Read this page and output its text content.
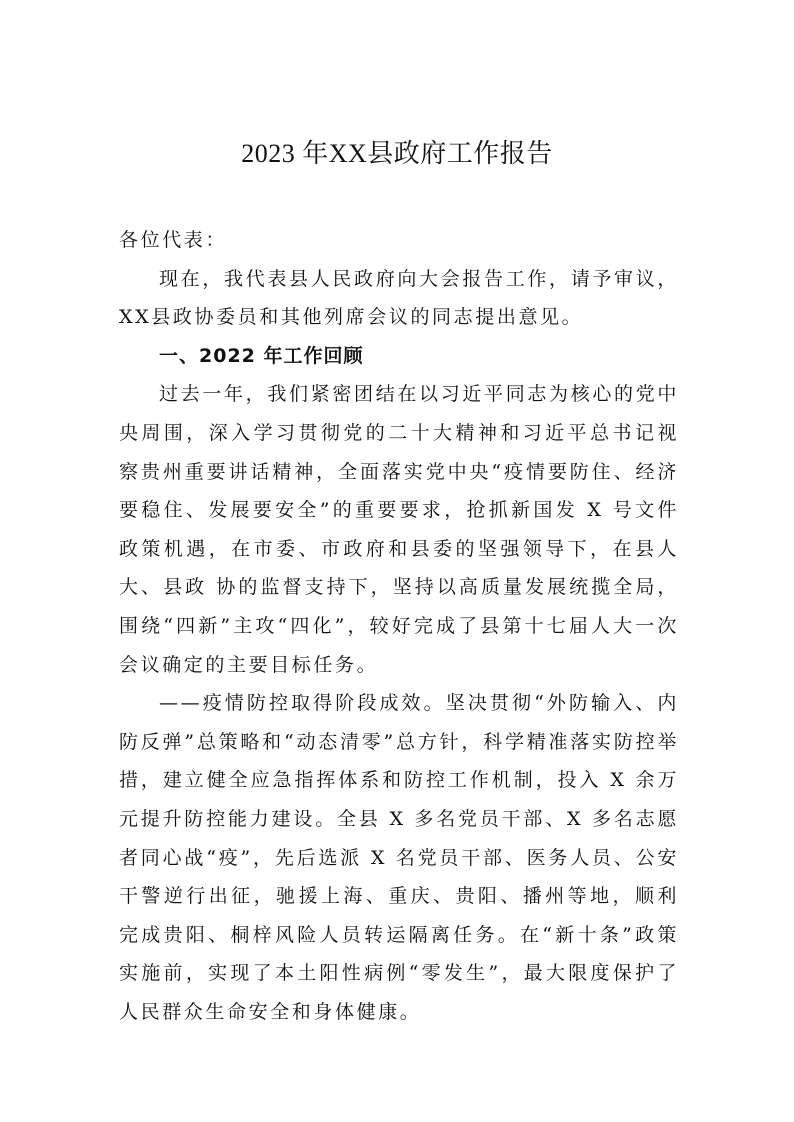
2023 年XX县政府工作报告

各位代表：

现在，我代表县人民政府向大会报告工作，请予审议，XX县政协委员和其他列席会议的同志提出意见。

一、2022 年工作回顾

过去一年，我们紧密团结在以习近平同志为核心的党中央周围，深入学习贯彻党的二十大精神和习近平总书记视察贵州重要讲话精神，全面落实党中央“疫情要防住、经济要稳住、发展要安全”的重要要求，抢抓新国发 X 号文件政策机遇，在市委、市政府和县委的坚强领导下，在县人大、县政 协的监督支持下，坚持以高质量发展统揽全局，围绕“四新”主攻“四化”，较好完成了县第十七届人大一次会议确定的主要目标任务。

——疫情防控取得阶段成效。坚决贯彻“外防输入、内防反弹”总策略和“动态清零”总方针，科学精准落实防控举措，建立健全应急指挥体系和防控工作机制，投入 X 余万元提升防控能力建设。全县 X 多名党员干部、X 多名志愿者同心战“疫”，先后选派 X 名党员干部、医务人员、公安干警逆行出征，驰援上海、重庆、贵阳、播州等地，顺利完成贵阳、桐梓风险人员转运隔离任务。在“新十条”政策实施前，实现了本土阳性病例“零发生”，最大限度保护了人民群众生命安全和身体健康。
